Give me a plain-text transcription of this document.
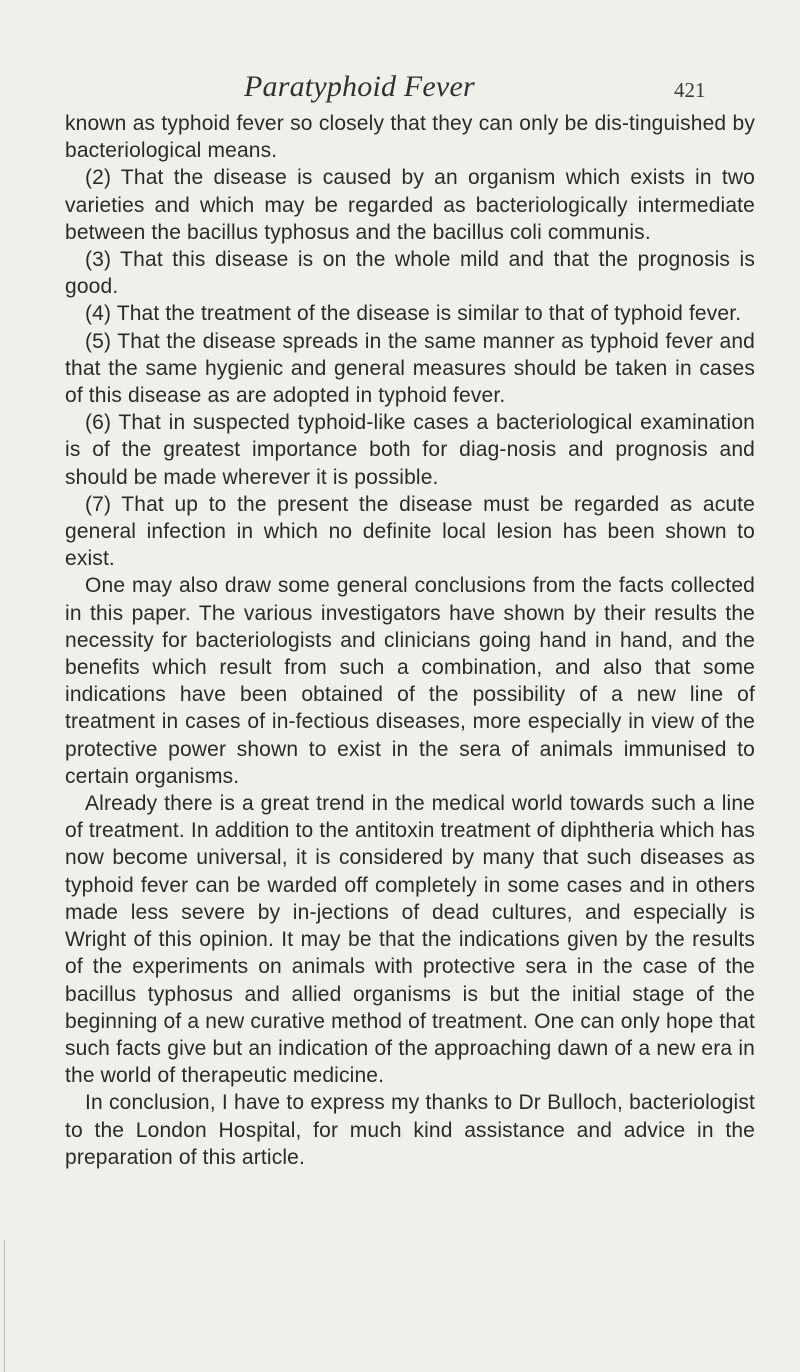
Paratyphoid Fever	421

known as typhoid fever so closely that they can only be dis-tinguished by bacteriological means.

(2) That the disease is caused by an organism which exists in two varieties and which may be regarded as bacteriologically intermediate between the bacillus typhosus and the bacillus coli communis.

(3) That this disease is on the whole mild and that the prognosis is good.

(4) That the treatment of the disease is similar to that of typhoid fever.

(5) That the disease spreads in the same manner as typhoid fever and that the same hygienic and general measures should be taken in cases of this disease as are adopted in typhoid fever.

(6) That in suspected typhoid-like cases a bacteriological examination is of the greatest importance both for diag-nosis and prognosis and should be made wherever it is possible.

(7) That up to the present the disease must be regarded as acute general infection in which no definite local lesion has been shown to exist.

One may also draw some general conclusions from the facts collected in this paper. The various investigators have shown by their results the necessity for bacteriologists and clinicians going hand in hand, and the benefits which result from such a combination, and also that some indications have been obtained of the possibility of a new line of treatment in cases of in-fectious diseases, more especially in view of the protective power shown to exist in the sera of animals immunised to certain organisms.

Already there is a great trend in the medical world towards such a line of treatment. In addition to the antitoxin treatment of diphtheria which has now become universal, it is considered by many that such diseases as typhoid fever can be warded off completely in some cases and in others made less severe by in-jections of dead cultures, and especially is Wright of this opinion. It may be that the indications given by the results of the experiments on animals with protective sera in the case of the bacillus typhosus and allied organisms is but the initial stage of the beginning of a new curative method of treatment. One can only hope that such facts give but an indication of the approaching dawn of a new era in the world of therapeutic medicine.

In conclusion, I have to express my thanks to Dr Bulloch, bacteriologist to the London Hospital, for much kind assistance and advice in the preparation of this article.
